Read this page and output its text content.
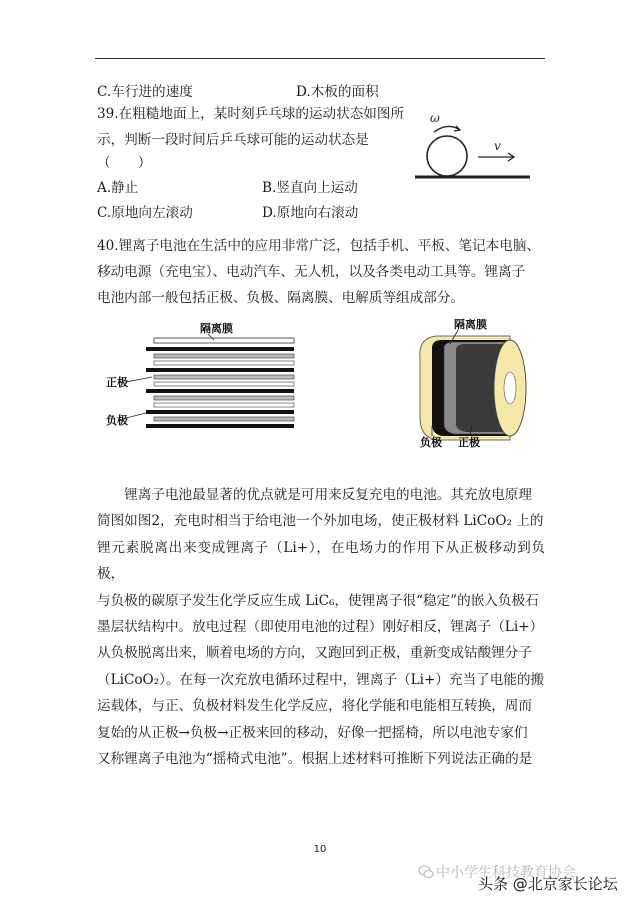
C.车行进的速度	D.木板的面积
39.在粗糙地面上，某时刻乒乓球的运动状态如图所
示，判断一段时间后乒乓球可能的运动状态是
（　　）
A.静止	B.竖直向上运动
C.原地向左滚动	D.原地向右滚动
ω
v
40.锂离子电池在生活中的应用非常广泛，包括手机、平板、笔记本电脑、
移动电源（充电宝）、电动汽车、无人机，以及各类电动工具等。锂离子
电池内部一般包括正极、负极、隔离膜、电解质等组成部分。
隔离膜
正极
负极
隔离膜
负极 正极
　　锂离子电池最显著的优点就是可用来反复充电的电池。其充放电原理
简图如图2，充电时相当于给电池一个外加电场，使正极材料 LiCoO₂ 上的
锂元素脱离出来变成锂离子（Li+），在电场力的作用下从正极移动到负极，
与负极的碳原子发生化学反应生成 LiC₆，使锂离子很“稳定”的嵌入负极石
墨层状结构中。放电过程（即使用电池的过程）刚好相反，锂离子（Li+）
从负极脱离出来，顺着电场的方向，又跑回到正极，重新变成钴酸锂分子
（LiCoO₂）。在每一次充放电循环过程中，锂离子（Li+）充当了电能的搬
运载体，与正、负极材料发生化学反应，将化学能和电能相互转换，周而
复始的从正极→负极→正极来回的移动，好像一把摇椅，所以电池专家们
又称锂离子电池为“摇椅式电池”。根据上述材料可推断下列说法正确的是
10
中小学生科技教育协会
头条 @北京家长论坛
